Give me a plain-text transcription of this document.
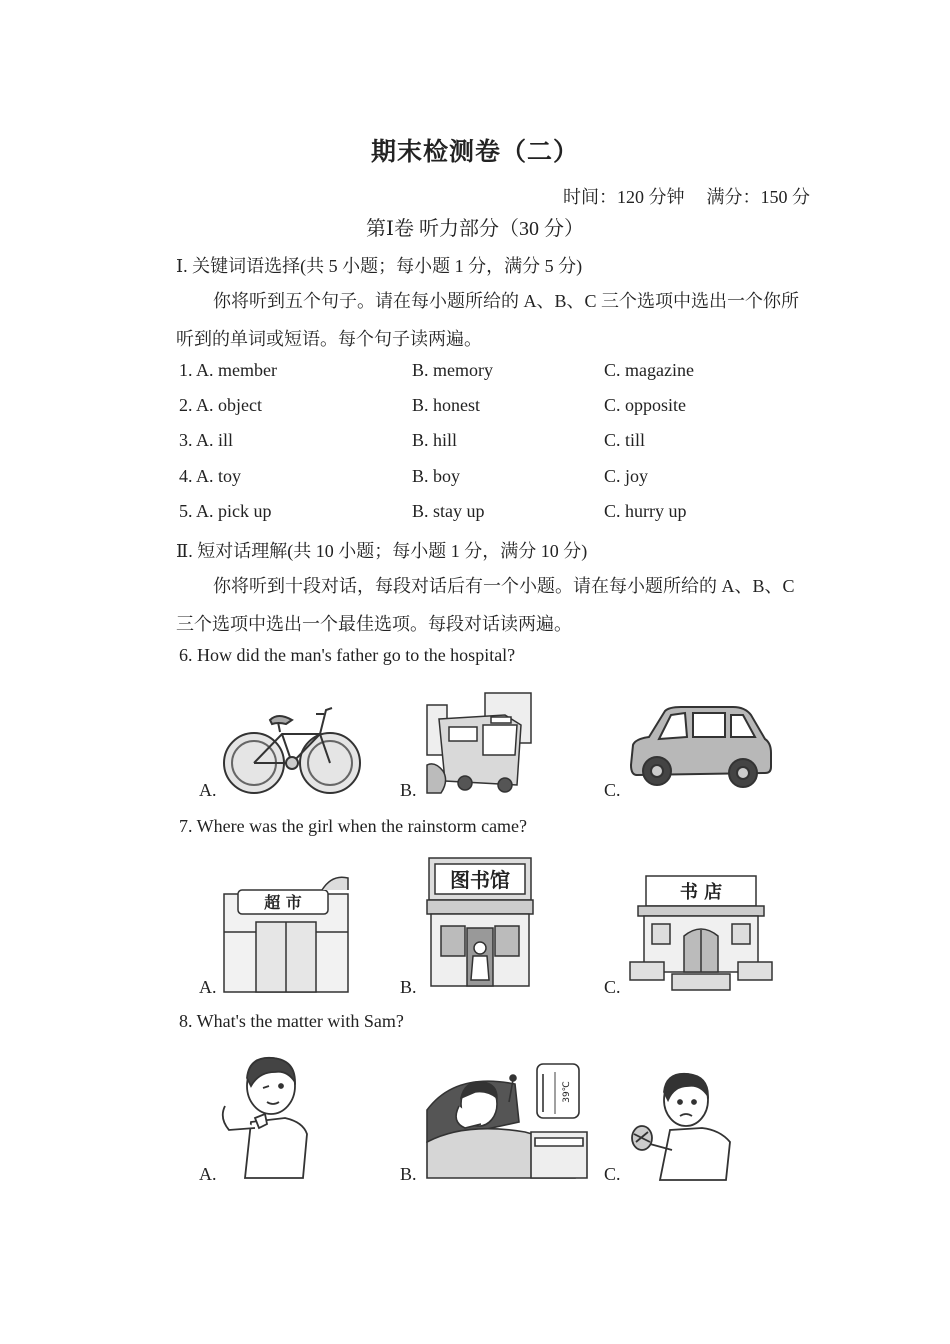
期末检测卷（二）
时间：120 分钟 满分：150 分
第Ⅰ卷 听力部分（30 分）
Ⅰ. 关键词语选择(共 5 小题；每小题 1 分，满分 5 分)
你将听到五个句子。请在每小题所给的 A、B、C 三个选项中选出一个你所
听到的单词或短语。每个句子读两遍。
1. A. member	B. memory	C. magazine
2. A. object	B. honest	C. opposite
3. A. ill	B. hill	C. till
4. A. toy	B. boy	C. joy
5. A. pick up	B. stay up	C. hurry up
Ⅱ. 短对话理解(共 10 小题；每小题 1 分，满分 10 分)
你将听到十段对话，每段对话后有一个小题。请在每小题所给的 A、B、C
三个选项中选出一个最佳选项。每段对话读两遍。
6. How did the man's father go to the hospital?
A.	B.	C.
7. Where was the girl when the rainstorm came?
超 市
A.
图书馆
B.
书 店
C.
8. What's the matter with Sam?
A.
39℃
B.	C.
